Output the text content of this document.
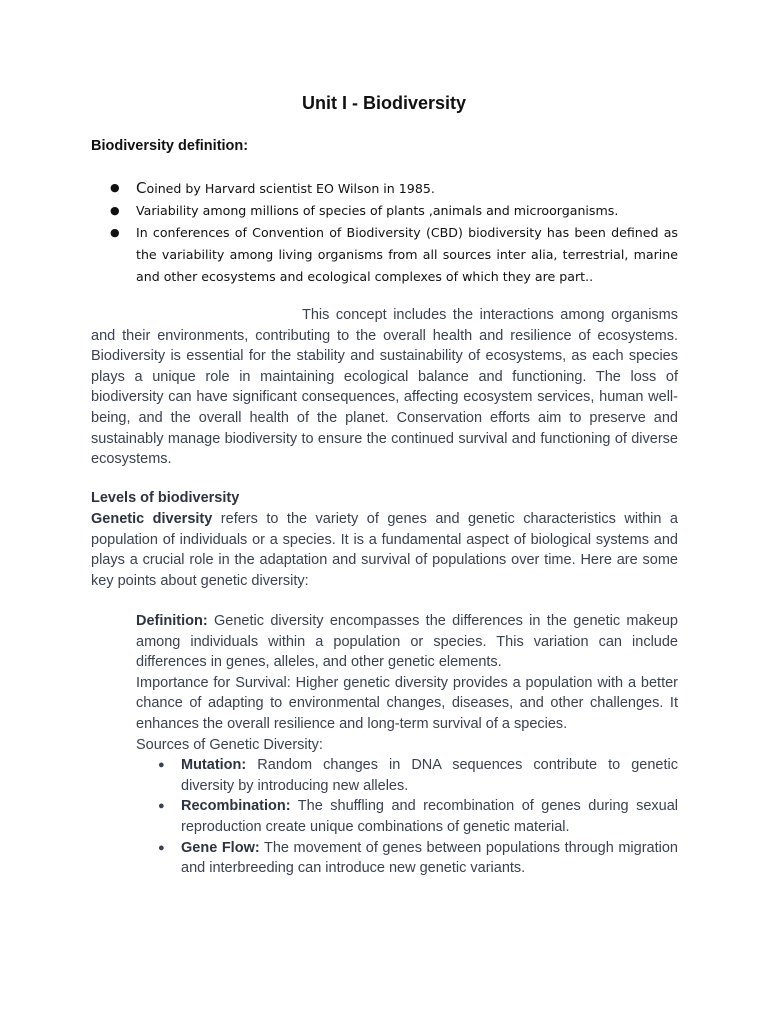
Unit I - Biodiversity
Biodiversity definition:
● Coined by Harvard scientist EO Wilson in 1985.
● Variability among millions of species of plants ,animals and microorganisms.
● In conferences of Convention of Biodiversity (CBD) biodiversity has been defined as the variability among living organisms from all sources inter alia, terrestrial, marine and other ecosystems and ecological complexes of which they are part..

This concept includes the interactions among organisms and their environments, contributing to the overall health and resilience of ecosystems. Biodiversity is essential for the stability and sustainability of ecosystems, as each species plays a unique role in maintaining ecological balance and functioning. The loss of biodiversity can have significant consequences, affecting ecosystem services, human well-being, and the overall health of the planet. Conservation efforts aim to preserve and sustainably manage biodiversity to ensure the continued survival and functioning of diverse ecosystems.

Levels of biodiversity

Genetic diversity refers to the variety of genes and genetic characteristics within a population of individuals or a species. It is a fundamental aspect of biological systems and plays a crucial role in the adaptation and survival of populations over time. Here are some key points about genetic diversity:

Definition: Genetic diversity encompasses the differences in the genetic makeup among individuals within a population or species. This variation can include differences in genes, alleles, and other genetic elements.

Importance for Survival: Higher genetic diversity provides a population with a better chance of adapting to environmental changes, diseases, and other challenges. It enhances the overall resilience and long-term survival of a species.

Sources of Genetic Diversity:

● Mutation: Random changes in DNA sequences contribute to genetic diversity by introducing new alleles.
● Recombination: The shuffling and recombination of genes during sexual reproduction create unique combinations of genetic material.
● Gene Flow: The movement of genes between populations through migration and interbreeding can introduce new genetic variants.
